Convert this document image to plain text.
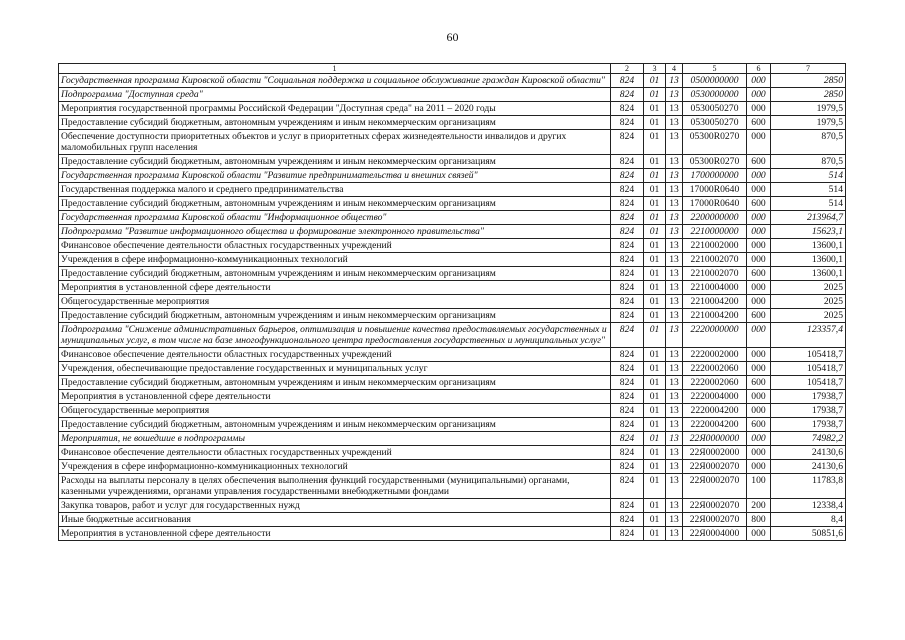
60
1	2	3	4	5	6	7
Государственная программа Кировской области "Социальная поддержка и социальное обслуживание граждан Кировской области"	824	01	13	0500000000	000	2850
Подпрограмма "Доступная среда"	824	01	13	0530000000	000	2850
Мероприятия государственной программы Российской Федерации "Доступная среда" на 2011 – 2020 годы	824	01	13	0530050270	000	1979,5
Предоставление субсидий бюджетным, автономным учреждениям и иным некоммерческим организациям	824	01	13	0530050270	600	1979,5
Обеспечение доступности приоритетных объектов и услуг в приоритетных сферах жизнедеятельности инвалидов и других маломобильных групп населения	824	01	13	05300R0270	000	870,5
Предоставление субсидий бюджетным, автономным учреждениям и иным некоммерческим организациям	824	01	13	05300R0270	600	870,5
Государственная программа Кировской области "Развитие предпринимательства и внешних связей"	824	01	13	1700000000	000	514
Государственная поддержка малого и среднего предпринимательства	824	01	13	17000R0640	000	514
Предоставление субсидий бюджетным, автономным учреждениям и иным некоммерческим организациям	824	01	13	17000R0640	600	514
Государственная программа Кировской области "Информационное общество"	824	01	13	2200000000	000	213964,7
Подпрограмма "Развитие информационного общества и формирование электронного правительства"	824	01	13	2210000000	000	15623,1
Финансовое обеспечение деятельности областных государственных учреждений	824	01	13	2210002000	000	13600,1
Учреждения в сфере информационно-коммуникационных технологий	824	01	13	2210002070	000	13600,1
Предоставление субсидий бюджетным, автономным учреждениям и иным некоммерческим организациям	824	01	13	2210002070	600	13600,1
Мероприятия в установленной сфере деятельности	824	01	13	2210004000	000	2025
Общегосударственные мероприятия	824	01	13	2210004200	000	2025
Предоставление субсидий бюджетным, автономным учреждениям и иным некоммерческим организациям	824	01	13	2210004200	600	2025
Подпрограмма "Снижение административных барьеров, оптимизация и повышение качества предоставляемых государственных и муниципальных услуг, в том числе на базе многофункционального центра предоставления государственных и муниципальных услуг"	824	01	13	2220000000	000	123357,4
Финансовое обеспечение деятельности областных государственных учреждений	824	01	13	2220002000	000	105418,7
Учреждения, обеспечивающие предоставление государственных и муниципальных услуг	824	01	13	2220002060	000	105418,7
Предоставление субсидий бюджетным, автономным учреждениям и иным некоммерческим организациям	824	01	13	2220002060	600	105418,7
Мероприятия в установленной сфере деятельности	824	01	13	2220004000	000	17938,7
Общегосударственные мероприятия	824	01	13	2220004200	000	17938,7
Предоставление субсидий бюджетным, автономным учреждениям и иным некоммерческим организациям	824	01	13	2220004200	600	17938,7
Мероприятия, не вошедшие в подпрограммы	824	01	13	22Я0000000	000	74982,2
Финансовое обеспечение деятельности областных государственных учреждений	824	01	13	22Я0002000	000	24130,6
Учреждения в сфере информационно-коммуникационных технологий	824	01	13	22Я0002070	000	24130,6
Расходы на выплаты персоналу в целях обеспечения выполнения функций государственными (муниципальными) органами, казенными учреждениями, органами управления государственными внебюджетными фондами	824	01	13	22Я0002070	100	11783,8
Закупка товаров, работ и услуг для государственных нужд	824	01	13	22Я0002070	200	12338,4
Иные бюджетные ассигнования	824	01	13	22Я0002070	800	8,4
Мероприятия в установленной сфере деятельности	824	01	13	22Я0004000	000	50851,6
